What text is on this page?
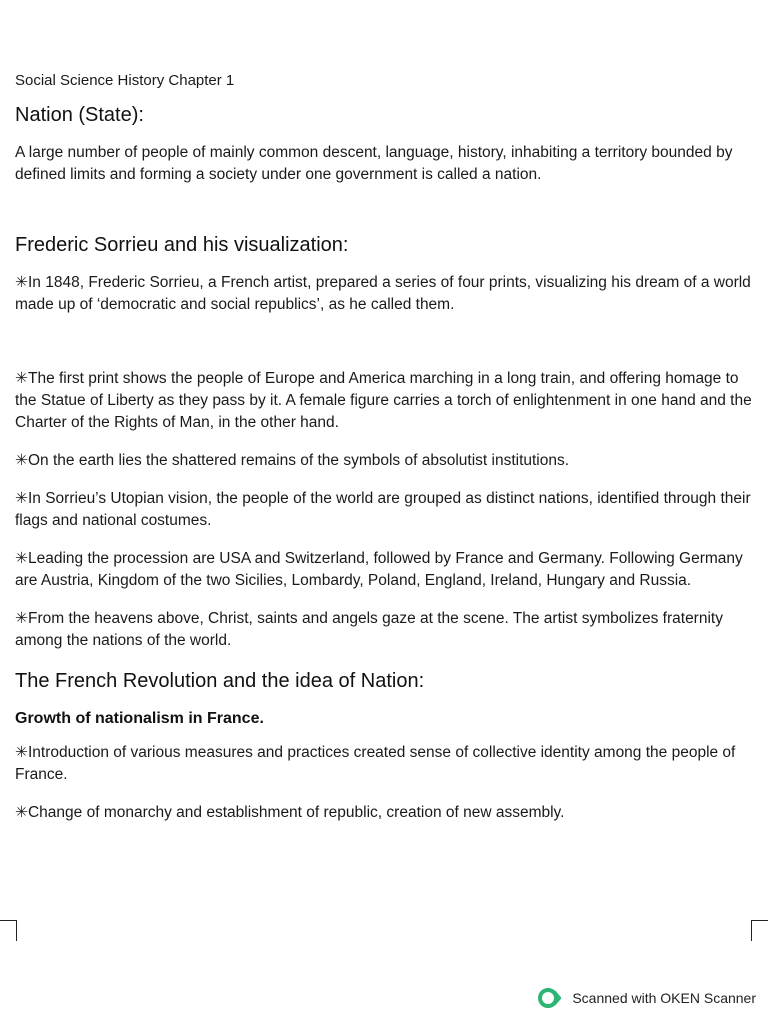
Social Science History Chapter 1
Nation (State):

A large number of people of mainly common descent, language, history, inhabiting a territory bounded by defined limits and forming a society under one government is called a nation.

Frederic Sorrieu and his visualization:

✳In 1848, Frederic Sorrieu, a French artist, prepared a series of four prints, visualizing his dream of a world made up of ‘democratic and social republics’, as he called them.

✳The first print shows the people of Europe and America marching in a long train, and offering homage to the Statue of Liberty as they pass by it. A female figure carries a torch of enlightenment in one hand and the Charter of the Rights of Man, in the other hand.

✳On the earth lies the shattered remains of the symbols of absolutist institutions.

✳In Sorrieu’s Utopian vision, the people of the world are grouped as distinct nations, identified through their flags and national costumes.

✳Leading the procession are USA and Switzerland, followed by France and Germany. Following Germany are Austria, Kingdom of the two Sicilies, Lombardy, Poland, England, Ireland, Hungary and Russia.

✳From the heavens above, Christ, saints and angels gaze at the scene. The artist symbolizes fraternity among the nations of the world.

The French Revolution and the idea of Nation:
Growth of nationalism in France.

✳Introduction of various measures and practices created sense of collective identity among the people of France.

✳Change of monarchy and establishment of republic, creation of new assembly.

Scanned with OKEN Scanner
